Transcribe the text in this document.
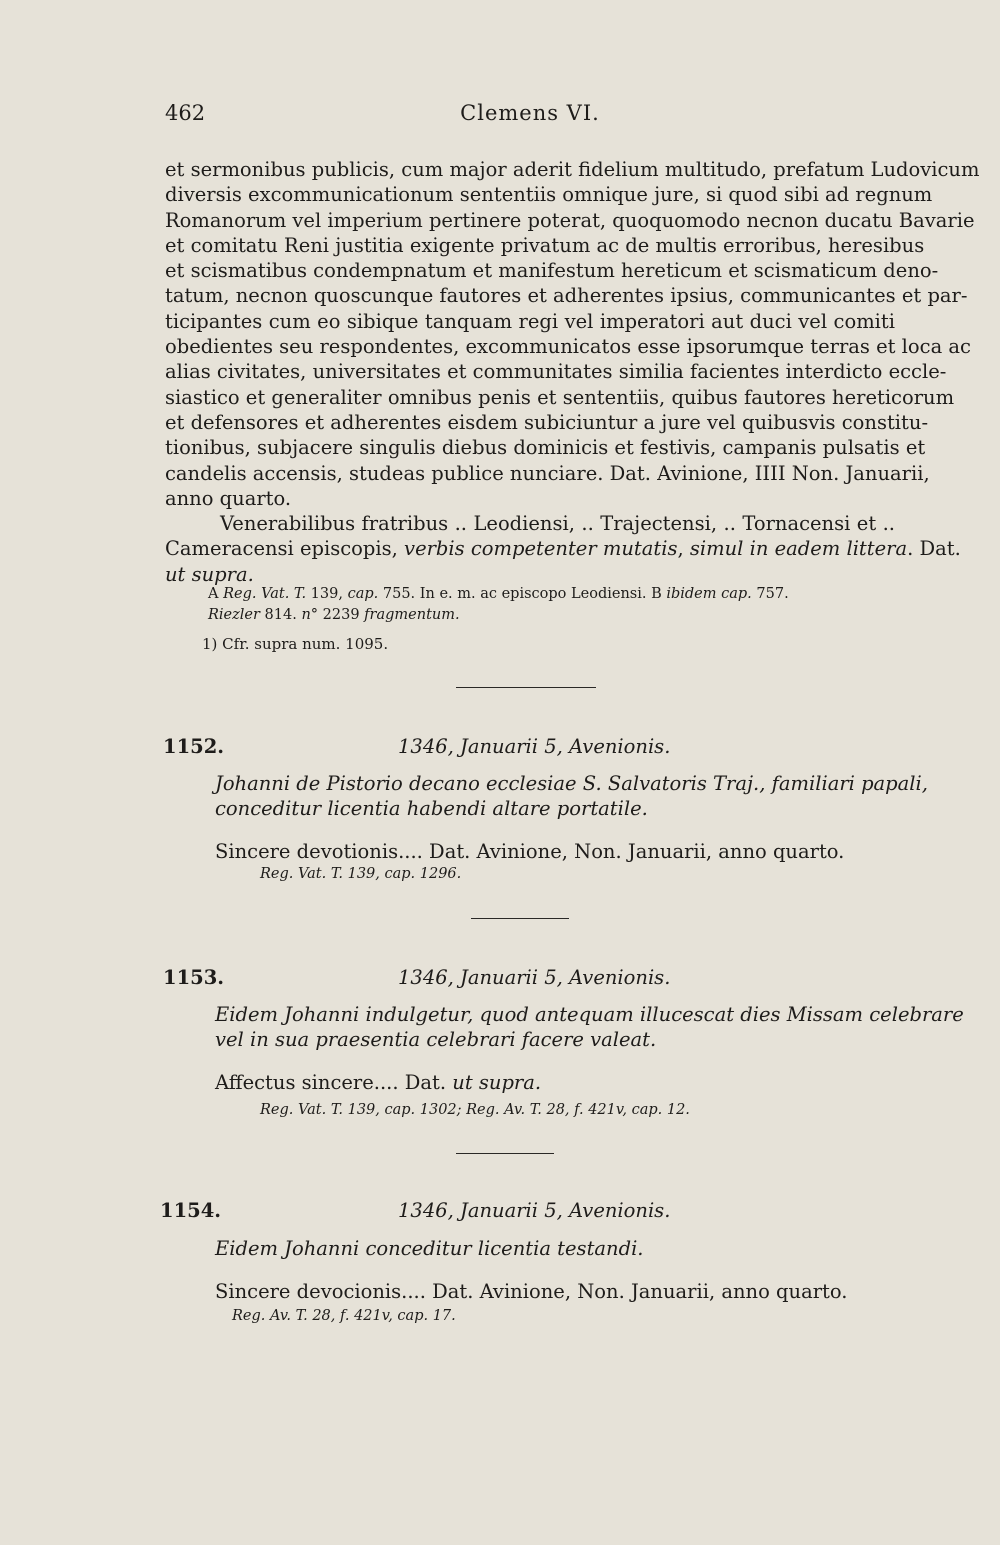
462	Clemens VI.
et sermonibus publicis, cum major aderit fidelium multitudo, prefatum Ludovicum
diversis excommunicationum sententiis omnique jure, si quod sibi ad regnum
Romanorum vel imperium pertinere poterat, quoquomodo necnon ducatu Bavarie
et comitatu Reni justitia exigente privatum ac de multis erroribus, heresibus
et scismatibus condempnatum et manifestum hereticum et scismaticum deno-
tatum, necnon quoscunque fautores et adherentes ipsius, communicantes et par-
ticipantes cum eo sibique tanquam regi vel imperatori aut duci vel comiti
obedientes seu respondentes, excommunicatos esse ipsorumque terras et loca ac
alias civitates, universitates et communitates similia facientes interdicto eccle-
siastico et generaliter omnibus penis et sententiis, quibus fautores hereticorum
et defensores et adherentes eisdem subiciuntur a jure vel quibusvis constitu-
tionibus, subjacere singulis diebus dominicis et festivis, campanis pulsatis et
candelis accensis, studeas publice nunciare. Dat. Avinione, IIII Non. Januarii,
anno quarto.
Venerabilibus fratribus .. Leodiensi, .. Trajectensi, .. Tornacensi et ..
Cameracensi episcopis, verbis competenter mutatis, simul in eadem littera. Dat.
ut supra.
A Reg. Vat. T. 139, cap. 755. In e. m. ac episcopo Leodiensi. B ibidem cap. 757.
Riezler 814. n° 2239 fragmentum.
1) Cfr. supra num. 1095.
1152.	1346, Januarii 5, Avenionis.
Johanni de Pistorio decano ecclesiae S. Salvatoris Traj., familiari papali,
conceditur licentia habendi altare portatile.
Sincere devotionis.... Dat. Avinione, Non. Januarii, anno quarto.
Reg. Vat. T. 139, cap. 1296.
1153.	1346, Januarii 5, Avenionis.
Eidem Johanni indulgetur, quod antequam illucescat dies Missam celebrare
vel in sua praesentia celebrari facere valeat.
Affectus sincere.... Dat. ut supra.
Reg. Vat. T. 139, cap. 1302; Reg. Av. T. 28, f. 421v, cap. 12.
1154.	1346, Januarii 5, Avenionis.
Eidem Johanni conceditur licentia testandi.
Sincere devocionis.... Dat. Avinione, Non. Januarii, anno quarto.
Reg. Av. T. 28, f. 421v, cap. 17.
